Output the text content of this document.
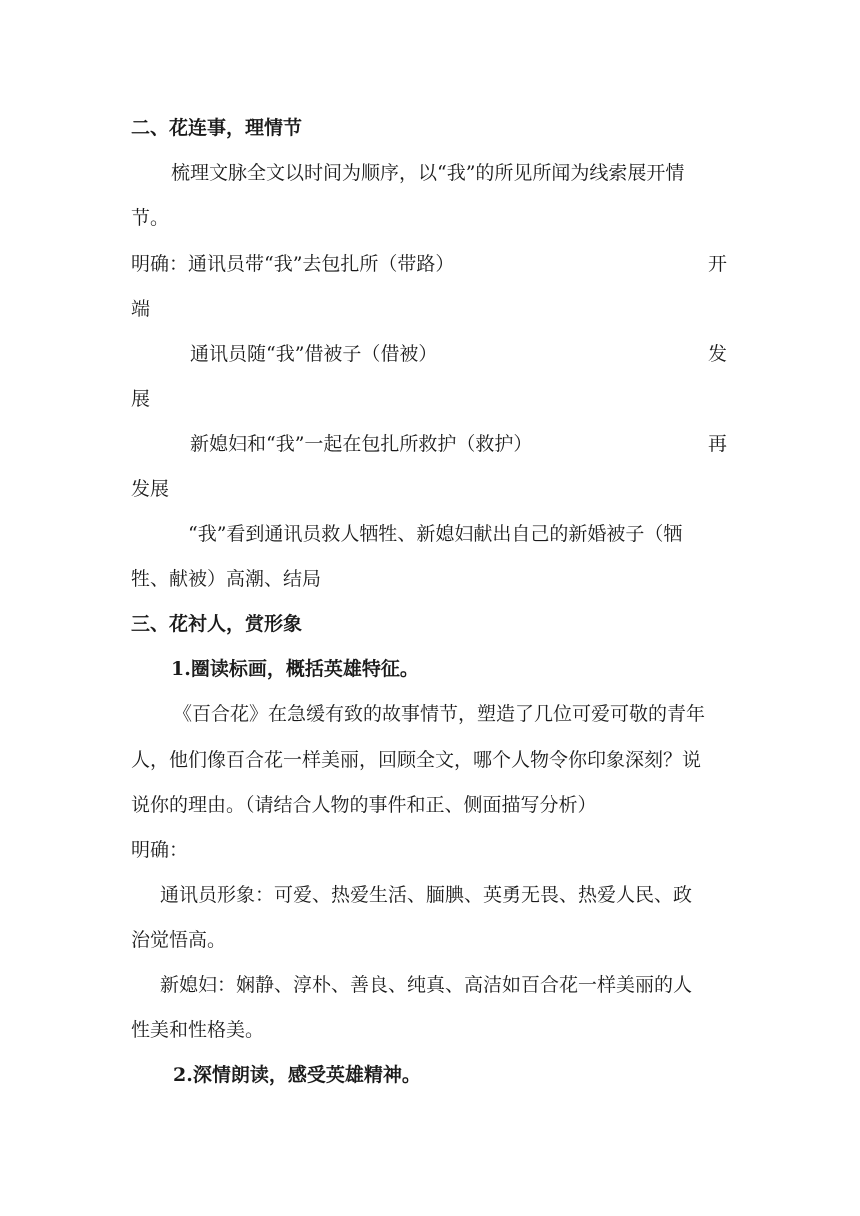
二、花连事，理情节
梳理文脉全文以时间为顺序，以“我”的所见所闻为线索展开情
节。
明确：通讯员带“我”去包扎所（带路）	开
端
通讯员随“我”借被子（借被）	发
展
新媳妇和“我”一起在包扎所救护（救护）	再
发展
“我”看到通讯员救人牺牲、新媳妇献出自己的新婚被子（牺
牲、献被）高潮、结局
三、花衬人，赏形象
1.圈读标画，概括英雄特征。
《百合花》在急缓有致的故事情节，塑造了几位可爱可敬的青年
人，他们像百合花一样美丽，回顾全文，哪个人物令你印象深刻？说
说你的理由。（请结合人物的事件和正、侧面描写分析）
明确：
通讯员形象：可爱、热爱生活、腼腆、英勇无畏、热爱人民、政
治觉悟高。
新媳妇：娴静、淳朴、善良、纯真、高洁如百合花一样美丽的人
性美和性格美。
2.深情朗读，感受英雄精神。
